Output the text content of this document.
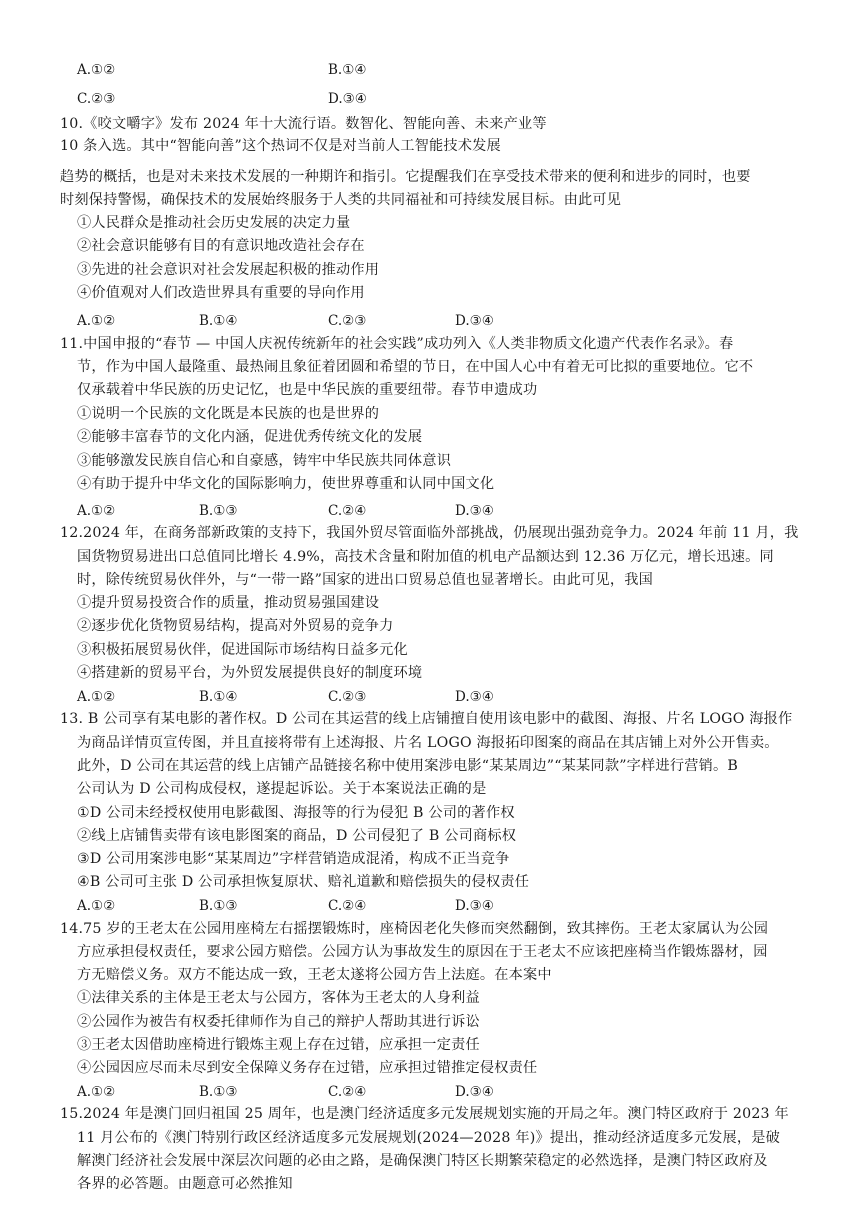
A.①②	B.①④
C.②③	D.③④
10.《咬文嚼字》发布 2024 年十大流行语。数智化、智能向善、未来产业等
10 条入选。其中“智能向善”这个热词不仅是对当前人工智能技术发展
趋势的概括，也是对未来技术发展的一种期许和指引。它提醒我们在享受技术带来的便利和进步的同时，也要
时刻保持警惕，确保技术的发展始终服务于人类的共同福祉和可持续发展目标。由此可见
①人民群众是推动社会历史发展的决定力量
②社会意识能够有目的有意识地改造社会存在
③先进的社会意识对社会发展起积极的推动作用
④价值观对人们改造世界具有重要的导向作用
A.①②	B.①④	C.②③	D.③④
11.中国申报的“春节 — 中国人庆祝传统新年的社会实践”成功列入《人类非物质文化遗产代表作名录》。春
节，作为中国人最隆重、最热闹且象征着团圆和希望的节日，在中国人心中有着无可比拟的重要地位。它不
仅承载着中华民族的历史记忆，也是中华民族的重要纽带。春节申遗成功
①说明一个民族的文化既是本民族的也是世界的
②能够丰富春节的文化内涵，促进优秀传统文化的发展
③能够激发民族自信心和自豪感，铸牢中华民族共同体意识
④有助于提升中华文化的国际影响力，使世界尊重和认同中国文化
A.①②	B.①③	C.②④	D.③④
12.2024 年，在商务部新政策的支持下，我国外贸尽管面临外部挑战，仍展现出强劲竞争力。2024 年前 11 月，我
国货物贸易进出口总值同比增长 4.9%，高技术含量和附加值的机电产品额达到 12.36 万亿元，增长迅速。同
时，除传统贸易伙伴外，与“一带一路”国家的进出口贸易总值也显著增长。由此可见，我国
①提升贸易投资合作的质量，推动贸易强国建设
②逐步优化货物贸易结构，提高对外贸易的竞争力
③积极拓展贸易伙伴，促进国际市场结构日益多元化
④搭建新的贸易平台，为外贸发展提供良好的制度环境
A.①②	B.①④	C.②③	D.③④
13. B 公司享有某电影的著作权。D 公司在其运营的线上店铺擅自使用该电影中的截图、海报、片名 LOGO 海报作
为商品详情页宣传图，并且直接将带有上述海报、片名 LOGO 海报拓印图案的商品在其店铺上对外公开售卖。
此外，D 公司在其运营的线上店铺产品链接名称中使用案涉电影“某某周边”“某某同款”字样进行营销。B
公司认为 D 公司构成侵权，遂提起诉讼。关于本案说法正确的是
①D 公司未经授权使用电影截图、海报等的行为侵犯 B 公司的著作权
②线上店铺售卖带有该电影图案的商品，D 公司侵犯了 B 公司商标权
③D 公司用案涉电影“某某周边”字样营销造成混淆，构成不正当竞争
④B 公司可主张 D 公司承担恢复原状、赔礼道歉和赔偿损失的侵权责任
A.①②	B.①③	C.②④	D.③④
14.75 岁的王老太在公园用座椅左右摇摆锻炼时，座椅因老化失修而突然翻倒，致其摔伤。王老太家属认为公园
方应承担侵权责任，要求公园方赔偿。公园方认为事故发生的原因在于王老太不应该把座椅当作锻炼器材，园
方无赔偿义务。双方不能达成一致，王老太遂将公园方告上法庭。在本案中
①法律关系的主体是王老太与公园方，客体为王老太的人身利益
②公园作为被告有权委托律师作为自己的辩护人帮助其进行诉讼
③王老太因借助座椅进行锻炼主观上存在过错，应承担一定责任
④公园因应尽而未尽到安全保障义务存在过错，应承担过错推定侵权责任
A.①②	B.①③	C.②④	D.③④
15.2024 年是澳门回归祖国 25 周年，也是澳门经济适度多元发展规划实施的开局之年。澳门特区政府于 2023 年
11 月公布的《澳门特别行政区经济适度多元发展规划(2024—2028 年)》提出，推动经济适度多元发展，是破
解澳门经济社会发展中深层次问题的必由之路，是确保澳门特区长期繁荣稳定的必然选择，是澳门特区政府及
各界的必答题。由题意可必然推知
